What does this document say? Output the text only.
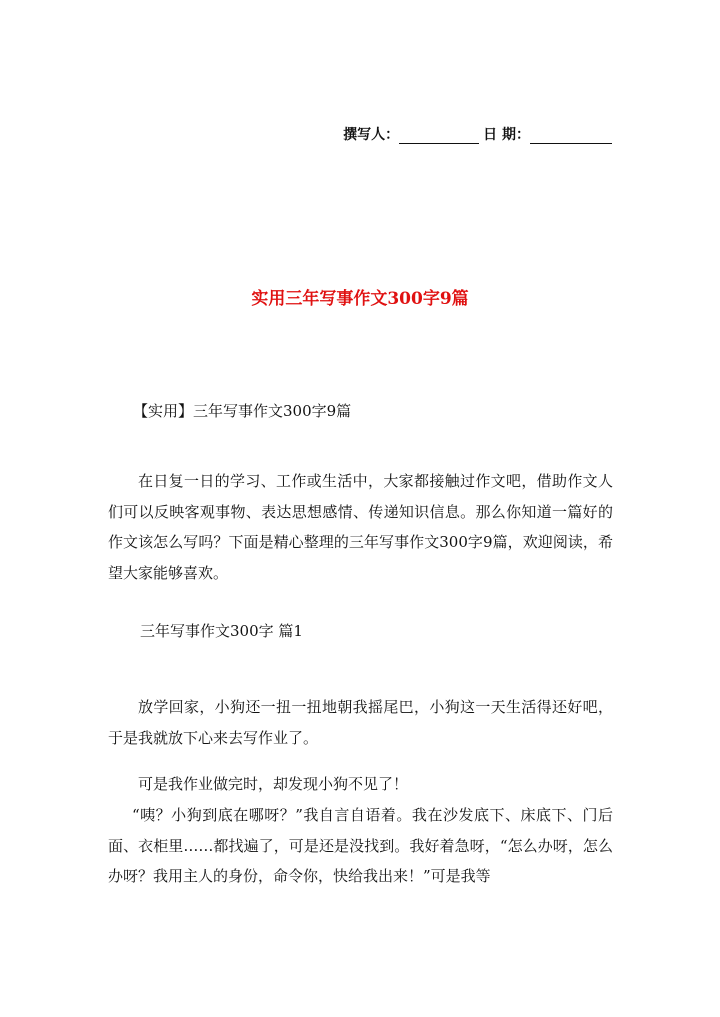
撰写人：	日 期：
实用三年写事作文300字9篇
【实用】三年写事作文300字9篇

在日复一日的学习、工作或生活中，大家都接触过作文吧，借助作文人们可以反映客观事物、表达思想感情、传递知识信息。那么你知道一篇好的作文该怎么写吗？下面是精心整理的三年写事作文300字9篇，欢迎阅读，希望大家能够喜欢。

三年写事作文300字 篇1

放学回家，小狗还一扭一扭地朝我摇尾巴，小狗这一天生活得还好吧，于是我就放下心来去写作业了。

可是我作业做完时，却发现小狗不见了！

“咦？小狗到底在哪呀？”我自言自语着。我在沙发底下、床底下、门后面、衣柜里……都找遍了，可是还是没找到。我好着急呀，“怎么办呀，怎么办呀？我用主人的身份，命令你，快给我出来！”可是我等
